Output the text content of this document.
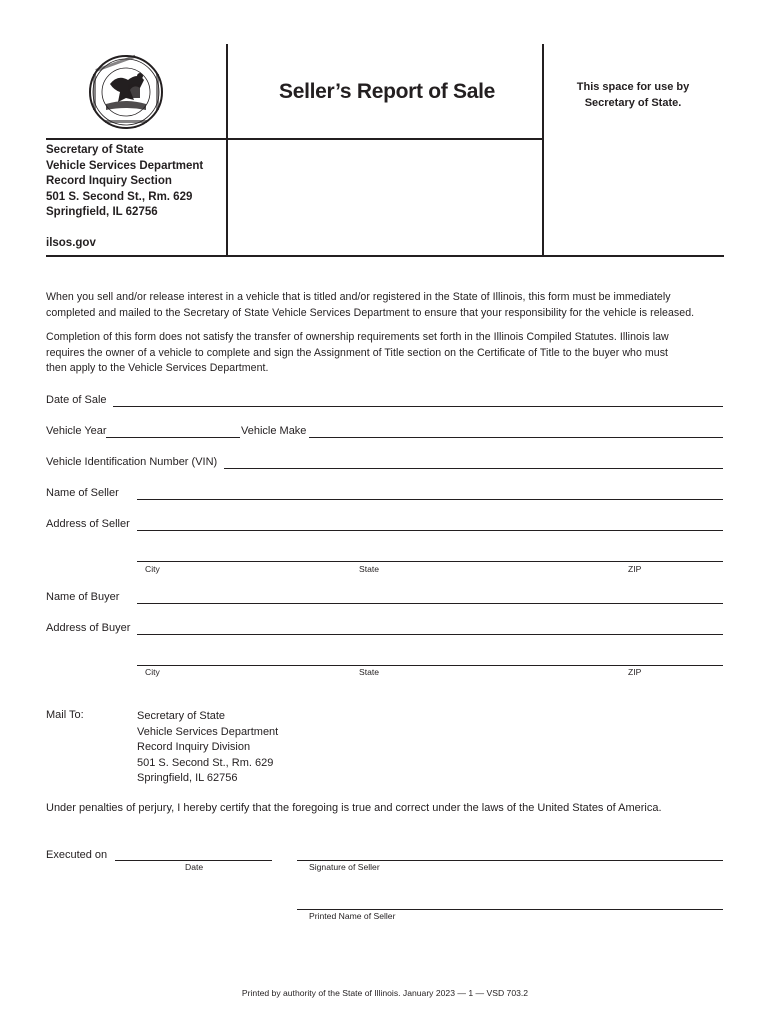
Seller’s Report of Sale	This space for use by
Secretary of State.
Secretary of State
Vehicle Services Department
Record Inquiry Section
501 S. Second St., Rm. 629
Springfield, IL 62756
ilsos.gov
When you sell and/or release interest in a vehicle that is titled and/or registered in the State of Illinois, this form must be immediately
completed and mailed to the Secretary of State Vehicle Services Department to ensure that your responsibility for the vehicle is released.
Completion of this form does not satisfy the transfer of ownership requirements set forth in the Illinois Compiled Statutes. Illinois law
requires the owner of a vehicle to complete and sign the Assignment of Title section on the Certificate of Title to the buyer who must
then apply to the Vehicle Services Department.
Date of Sale
Vehicle Year	Vehicle Make
Vehicle Identification Number (VIN)
Name of Seller
Address of Seller
City	State	ZIP
Name of Buyer
Address of Buyer
City	State	ZIP
Mail To:	Secretary of State
Vehicle Services Department
Record Inquiry Division
501 S. Second St., Rm. 629
Springfield, IL 62756
Under penalties of perjury, I hereby certify that the foregoing is true and correct under the laws of the United States of America.
Executed on
Date	Signature of Seller
Printed Name of Seller
Printed by authority of the State of Illinois. January 2023 — 1 — VSD 703.2
